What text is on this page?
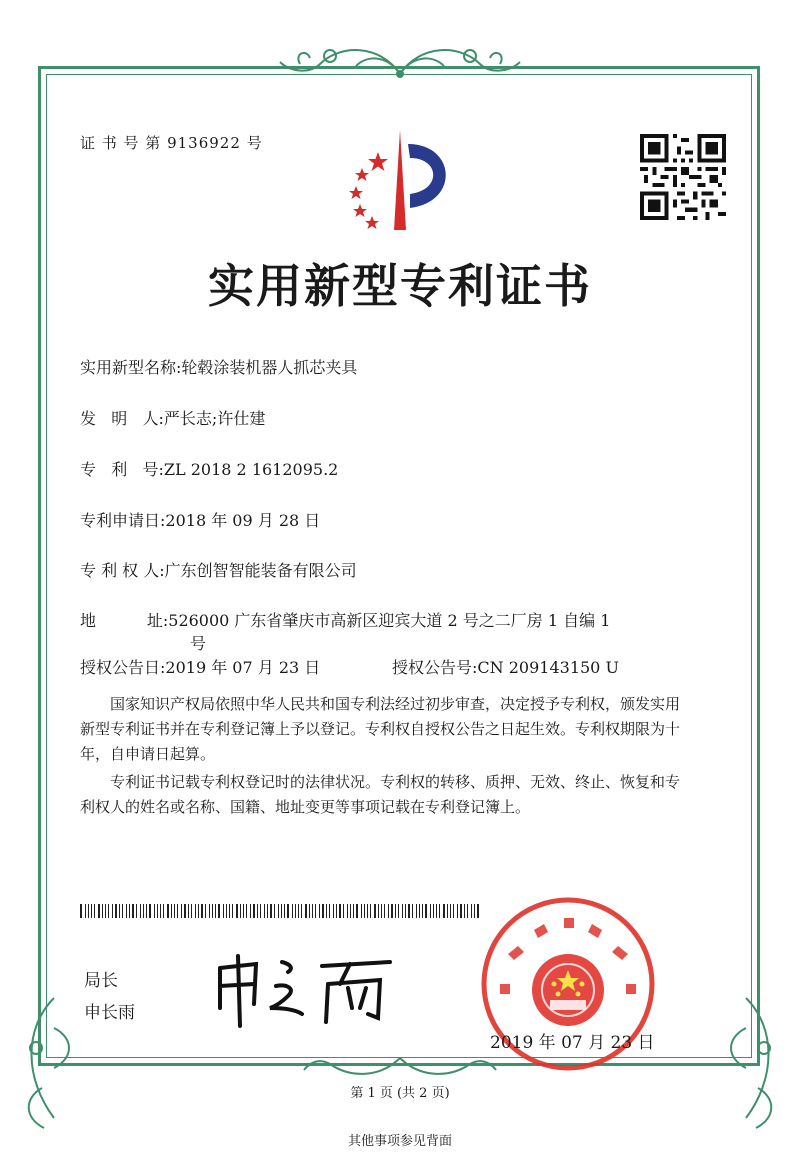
证 书 号 第 9136922 号
实用新型专利证书
实用新型名称:轮毂涂装机器人抓芯夹具
发   明   人:严长志;许仕建
专   利   号:ZL 2018 2 1612095.2
专利申请日:2018 年 09 月 28 日
专 利 权 人:广东创智智能装备有限公司
地          址:526000 广东省肇庆市高新区迎宾大道 2 号之二厂房 1 自编 1
号
授权公告日:2019 年 07 月 23 日	授权公告号:CN 209143150 U
国家知识产权局依照中华人民共和国专利法经过初步审查，决定授予专利权，颁发实用
新型专利证书并在专利登记簿上予以登记。专利权自授权公告之日起生效。专利权期限为十
年，自申请日起算。
专利证书记载专利权登记时的法律状况。专利权的转移、质押、无效、终止、恢复和专
利权人的姓名或名称、国籍、地址变更等事项记载在专利登记簿上。
局长
申长雨
2019 年 07 月 23 日
第 1 页 (共 2 页)
其他事项参见背面
